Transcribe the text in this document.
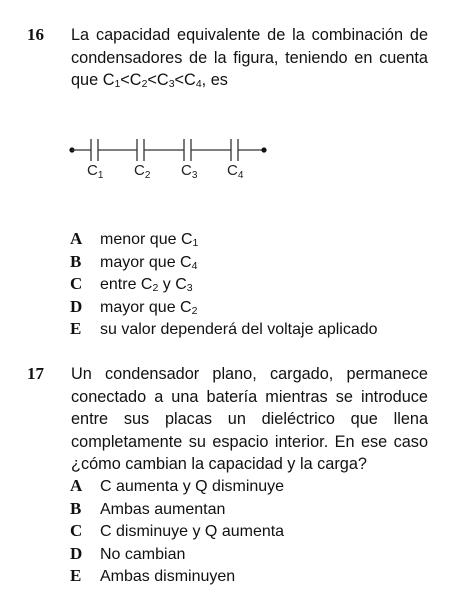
16 La capacidad equivalente de la combinación de condensadores de la figura, teniendo en cuenta que $C_1<C_2<C_3<C_4$, es

$C_1$ $C_2$ $C_3$ $C_4$
A menor que $C_1$
B mayor que $C_4$
C entre $C_2$ y $C_3$
D mayor que $C_2$
E su valor dependerá del voltaje aplicado
17 Un condensador plano, cargado, permanece conectado a una batería mientras se introduce entre sus placas un dieléctrico que llena completamente su espacio interior. En ese caso ¿cómo cambian la capacidad y la carga?

A C aumenta y Q disminuye
B Ambas aumentan
C C disminuye y Q aumenta
D No cambian
E Ambas disminuyen
